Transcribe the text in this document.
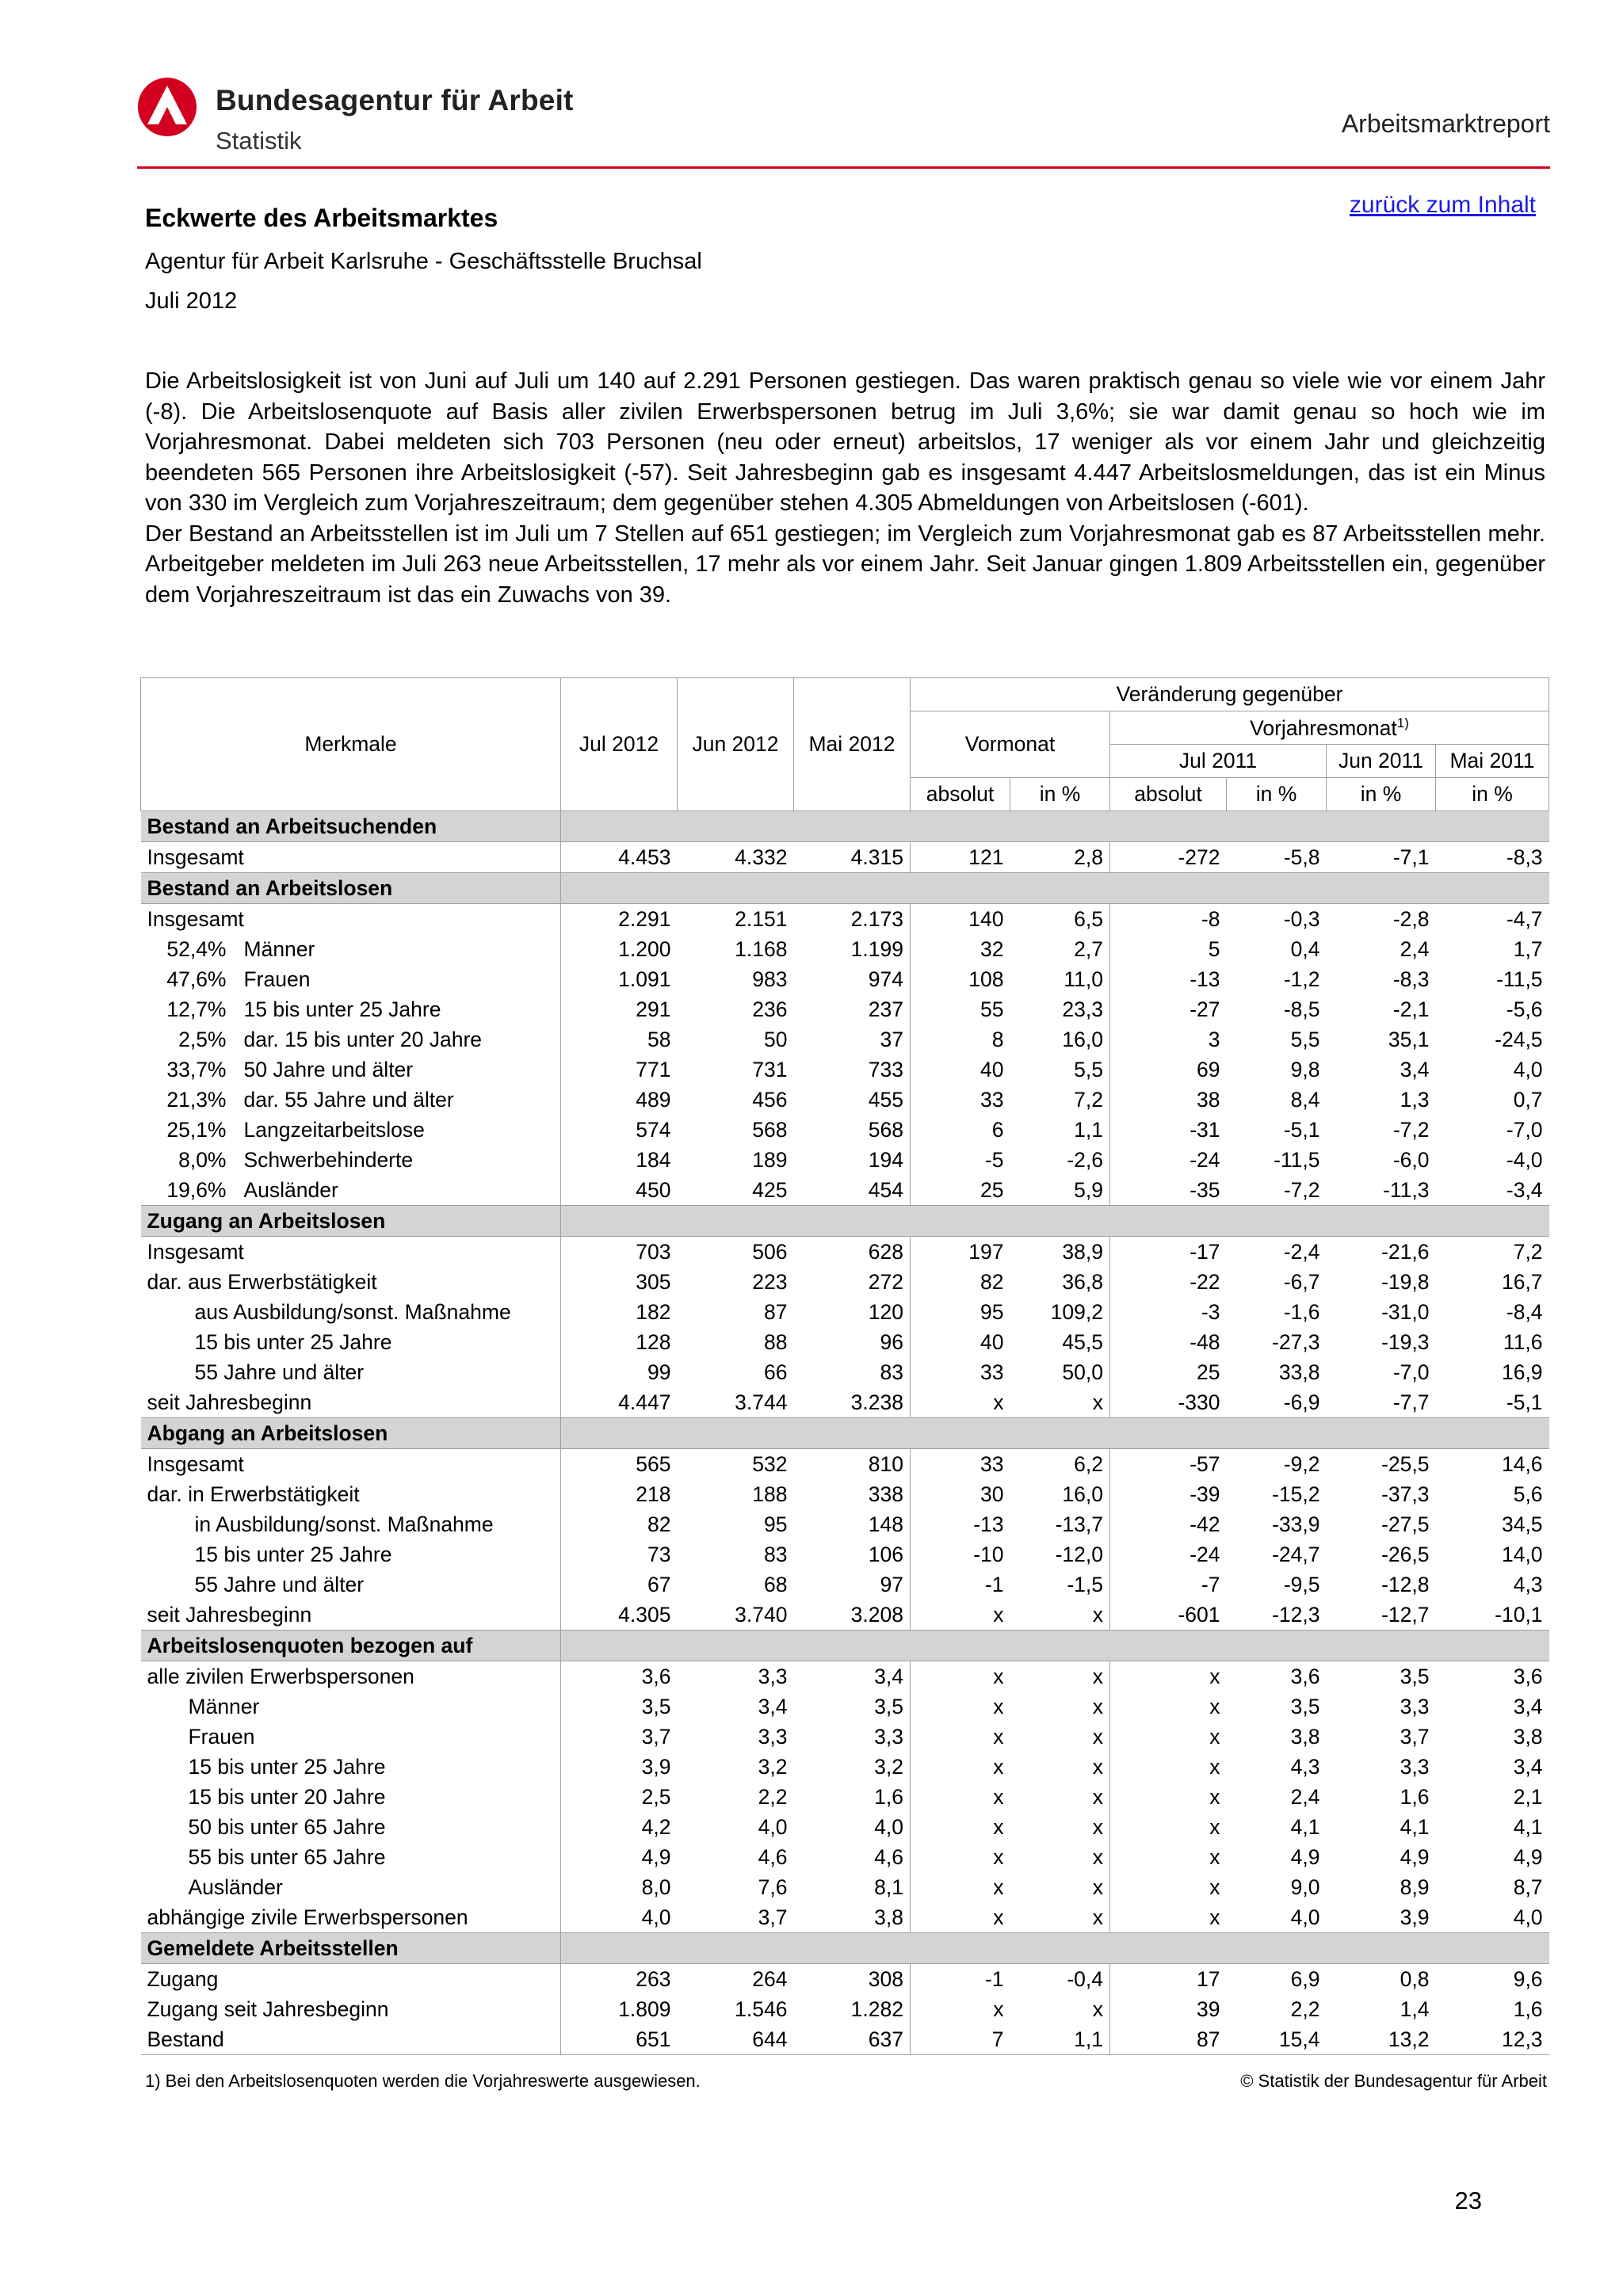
Bundesagentur für Arbeit
Statistik
Arbeitsmarktreport
zurück zum Inhalt
Eckwerte des Arbeitsmarktes
Agentur für Arbeit Karlsruhe - Geschäftsstelle Bruchsal
Juli 2012

Die Arbeitslosigkeit ist von Juni auf Juli um 140 auf 2.291 Personen gestiegen. Das waren praktisch genau so viele wie vor einem Jahr (-8). Die Arbeitslosenquote auf Basis aller zivilen Erwerbspersonen betrug im Juli 3,6%; sie war damit genau so hoch wie im Vorjahresmonat. Dabei meldeten sich 703 Personen (neu oder erneut) arbeitslos, 17 weniger als vor einem Jahr und gleichzeitig beendeten 565 Personen ihre Arbeitslosigkeit (-57). Seit Jahresbeginn gab es insgesamt 4.447 Arbeitslosmeldungen, das ist ein Minus von 330 im Vergleich zum Vorjahreszeitraum; dem gegenüber stehen 4.305 Abmeldungen von Arbeitslosen (-601).

Der Bestand an Arbeitsstellen ist im Juli um 7 Stellen auf 651 gestiegen; im Vergleich zum Vorjahresmonat gab es 87 Arbeitsstellen mehr. Arbeitgeber meldeten im Juli 263 neue Arbeitsstellen, 17 mehr als vor einem Jahr. Seit Januar gingen 1.809 Arbeitsstellen ein, gegenüber dem Vorjahreszeitraum ist das ein Zuwachs von 39.

Merkmale	Jul 2012	Jun 2012	Mai 2012	Veränderung gegenüber					
				Vormonat		Vorjahresmonat$^{1)}$
						Jul 2011		Jun 2011	Mai 2011
				absolut	in %	absolut	in %	in %	in %
Bestand an Arbeitsuchenden									
Insgesamt	4.453	4.332	4.315	121	2,8	-272	-5,8	-7,1	-8,3
Bestand an Arbeitslosen									
Insgesamt	2.291	2.151	2.173	140	6,5	-8	-0,3	-2,8	-4,7
52,4% Männer	1.200	1.168	1.199	32	2,7	5	0,4	2,4	1,7
47,6% Frauen	1.091	983	974	108	11,0	-13	-1,2	-8,3	-11,5
12,7% 15 bis unter 25 Jahre	291	236	237	55	23,3	-27	-8,5	-2,1	-5,6
2,5% dar. 15 bis unter 20 Jahre	58	50	37	8	16,0	3	5,5	35,1	-24,5
33,7% 50 Jahre und älter	771	731	733	40	5,5	69	9,8	3,4	4,0
21,3% dar. 55 Jahre und älter	489	456	455	33	7,2	38	8,4	1,3	0,7
25,1% Langzeitarbeitslose	574	568	568	6	1,1	-31	-5,1	-7,2	-7,0
8,0% Schwerbehinderte	184	189	194	-5	-2,6	-24	-11,5	-6,0	-4,0
19,6% Ausländer	450	425	454	25	5,9	-35	-7,2	-11,3	-3,4
Zugang an Arbeitslosen									
Insgesamt	703	506	628	197	38,9	-17	-2,4	-21,6	7,2
dar. aus Erwerbstätigkeit	305	223	272	82	36,8	-22	-6,7	-19,8	16,7
aus Ausbildung/sonst. Maßnahme	182	87	120	95	109,2	-3	-1,6	-31,0	-8,4
15 bis unter 25 Jahre	128	88	96	40	45,5	-48	-27,3	-19,3	11,6
55 Jahre und älter	99	66	83	33	50,0	25	33,8	-7,0	16,9
seit Jahresbeginn	4.447	3.744	3.238	x	x	-330	-6,9	-7,7	-5,1
Abgang an Arbeitslosen									
Insgesamt	565	532	810	33	6,2	-57	-9,2	-25,5	14,6
dar. in Erwerbstätigkeit	218	188	338	30	16,0	-39	-15,2	-37,3	5,6
in Ausbildung/sonst. Maßnahme	82	95	148	-13	-13,7	-42	-33,9	-27,5	34,5
15 bis unter 25 Jahre	73	83	106	-10	-12,0	-24	-24,7	-26,5	14,0
55 Jahre und älter	67	68	97	-1	-1,5	-7	-9,5	-12,8	4,3
seit Jahresbeginn	4.305	3.740	3.208	x	x	-601	-12,3	-12,7	-10,1
Arbeitslosenquoten bezogen auf									
alle zivilen Erwerbspersonen	3,6	3,3	3,4	x	x	x	3,6	3,5	3,6
Männer	3,5	3,4	3,5	x	x	x	3,5	3,3	3,4
Frauen	3,7	3,3	3,3	x	x	x	3,8	3,7	3,8
15 bis unter 25 Jahre	3,9	3,2	3,2	x	x	x	4,3	3,3	3,4
15 bis unter 20 Jahre	2,5	2,2	1,6	x	x	x	2,4	1,6	2,1
50 bis unter 65 Jahre	4,2	4,0	4,0	x	x	x	4,1	4,1	4,1
55 bis unter 65 Jahre	4,9	4,6	4,6	x	x	x	4,9	4,9	4,9
Ausländer	8,0	7,6	8,1	x	x	x	9,0	8,9	8,7
abhängige zivile Erwerbspersonen	4,0	3,7	3,8	x	x	x	4,0	3,9	4,0
Gemeldete Arbeitsstellen									
Zugang	263	264	308	-1	-0,4	17	6,9	0,8	9,6
Zugang seit Jahresbeginn	1.809	1.546	1.282	x	x	39	2,2	1,4	1,6
Bestand	651	644	637	7	1,1	87	15,4	13,2	12,3
1) Bei den Arbeitslosenquoten werden die Vorjahreswerte ausgewiesen.	© Statistik der Bundesagentur für Arbeit
23
